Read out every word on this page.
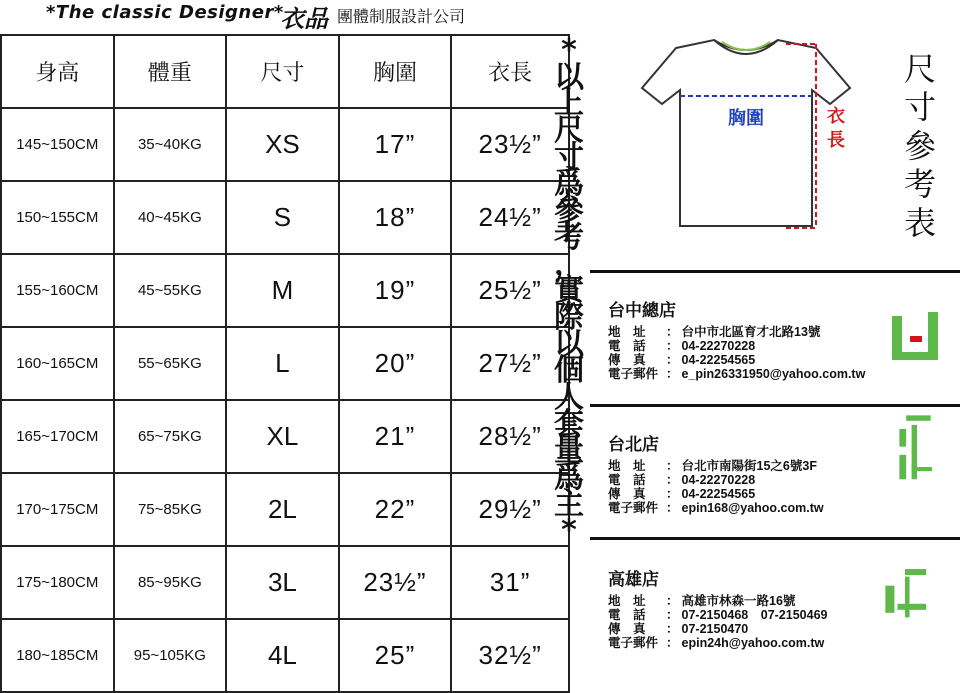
*The classic Designer*
衣品 團體制服設計公司
身高	體重	尺寸	胸圍	衣長
145~150CM	35~40KG	XS	17”	23½”
150~155CM	40~45KG	S	18”	24½”
155~160CM	45~55KG	M	19”	25½”
160~165CM	55~65KG	L	20”	27½”
165~170CM	65~75KG	XL	21”	28½”
170~175CM	75~85KG	2L	22”	29½”
175~180CM	85~95KG	3L	23½”	31”
180~185CM	95~105KG	4L	25”	32½”
*
以
上
尺
寸
爲
參
考
，
實
際
以
個
人
套
量
爲
主
*
胸圍	衣
長
尺
寸
參
考
表
台中總店
地　址	： 台中市北區育才北路13號
電　話	： 04-22270228
傳　真	： 04-22254565
電子郵件 ： e_pin26331950@yahoo.com.tw
台北店
地　址	： 台北市南陽街15之6號3F
電　話	： 04-22270228
傳　真	： 04-22254565
電子郵件 ： epin168@yahoo.com.tw
高雄店
地　址	： 高雄市林森一路16號
電　話	： 07-2150468　07-2150469
傳　真	： 07-2150470
電子郵件 ： epin24h@yahoo.com.tw
